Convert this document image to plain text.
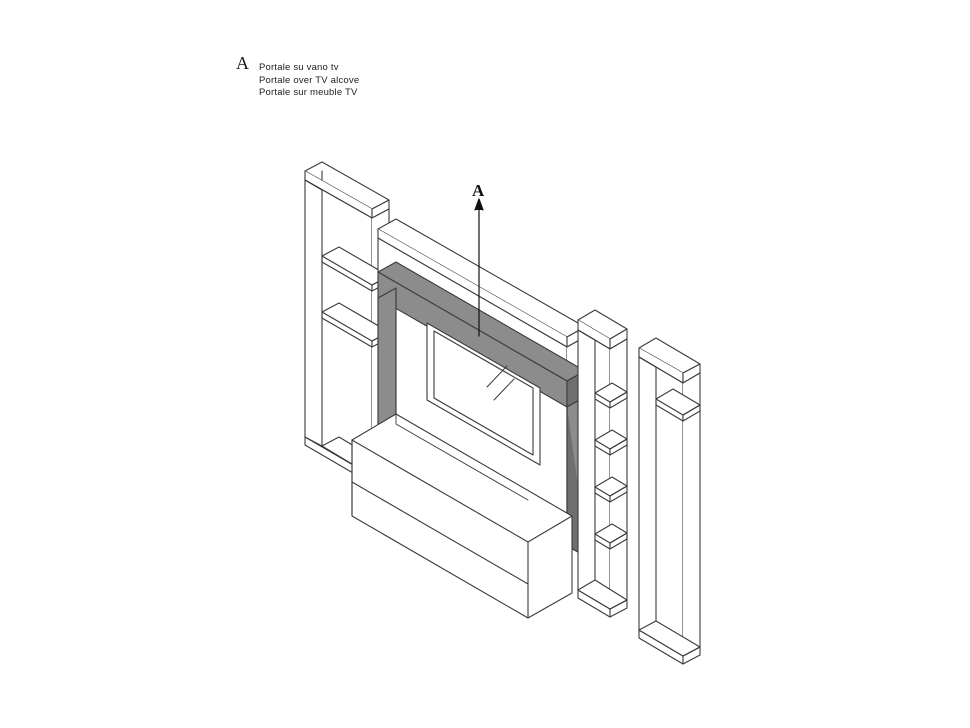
A Portale su vano tv
Portale over TV alcove
Portale sur meuble TV
A
